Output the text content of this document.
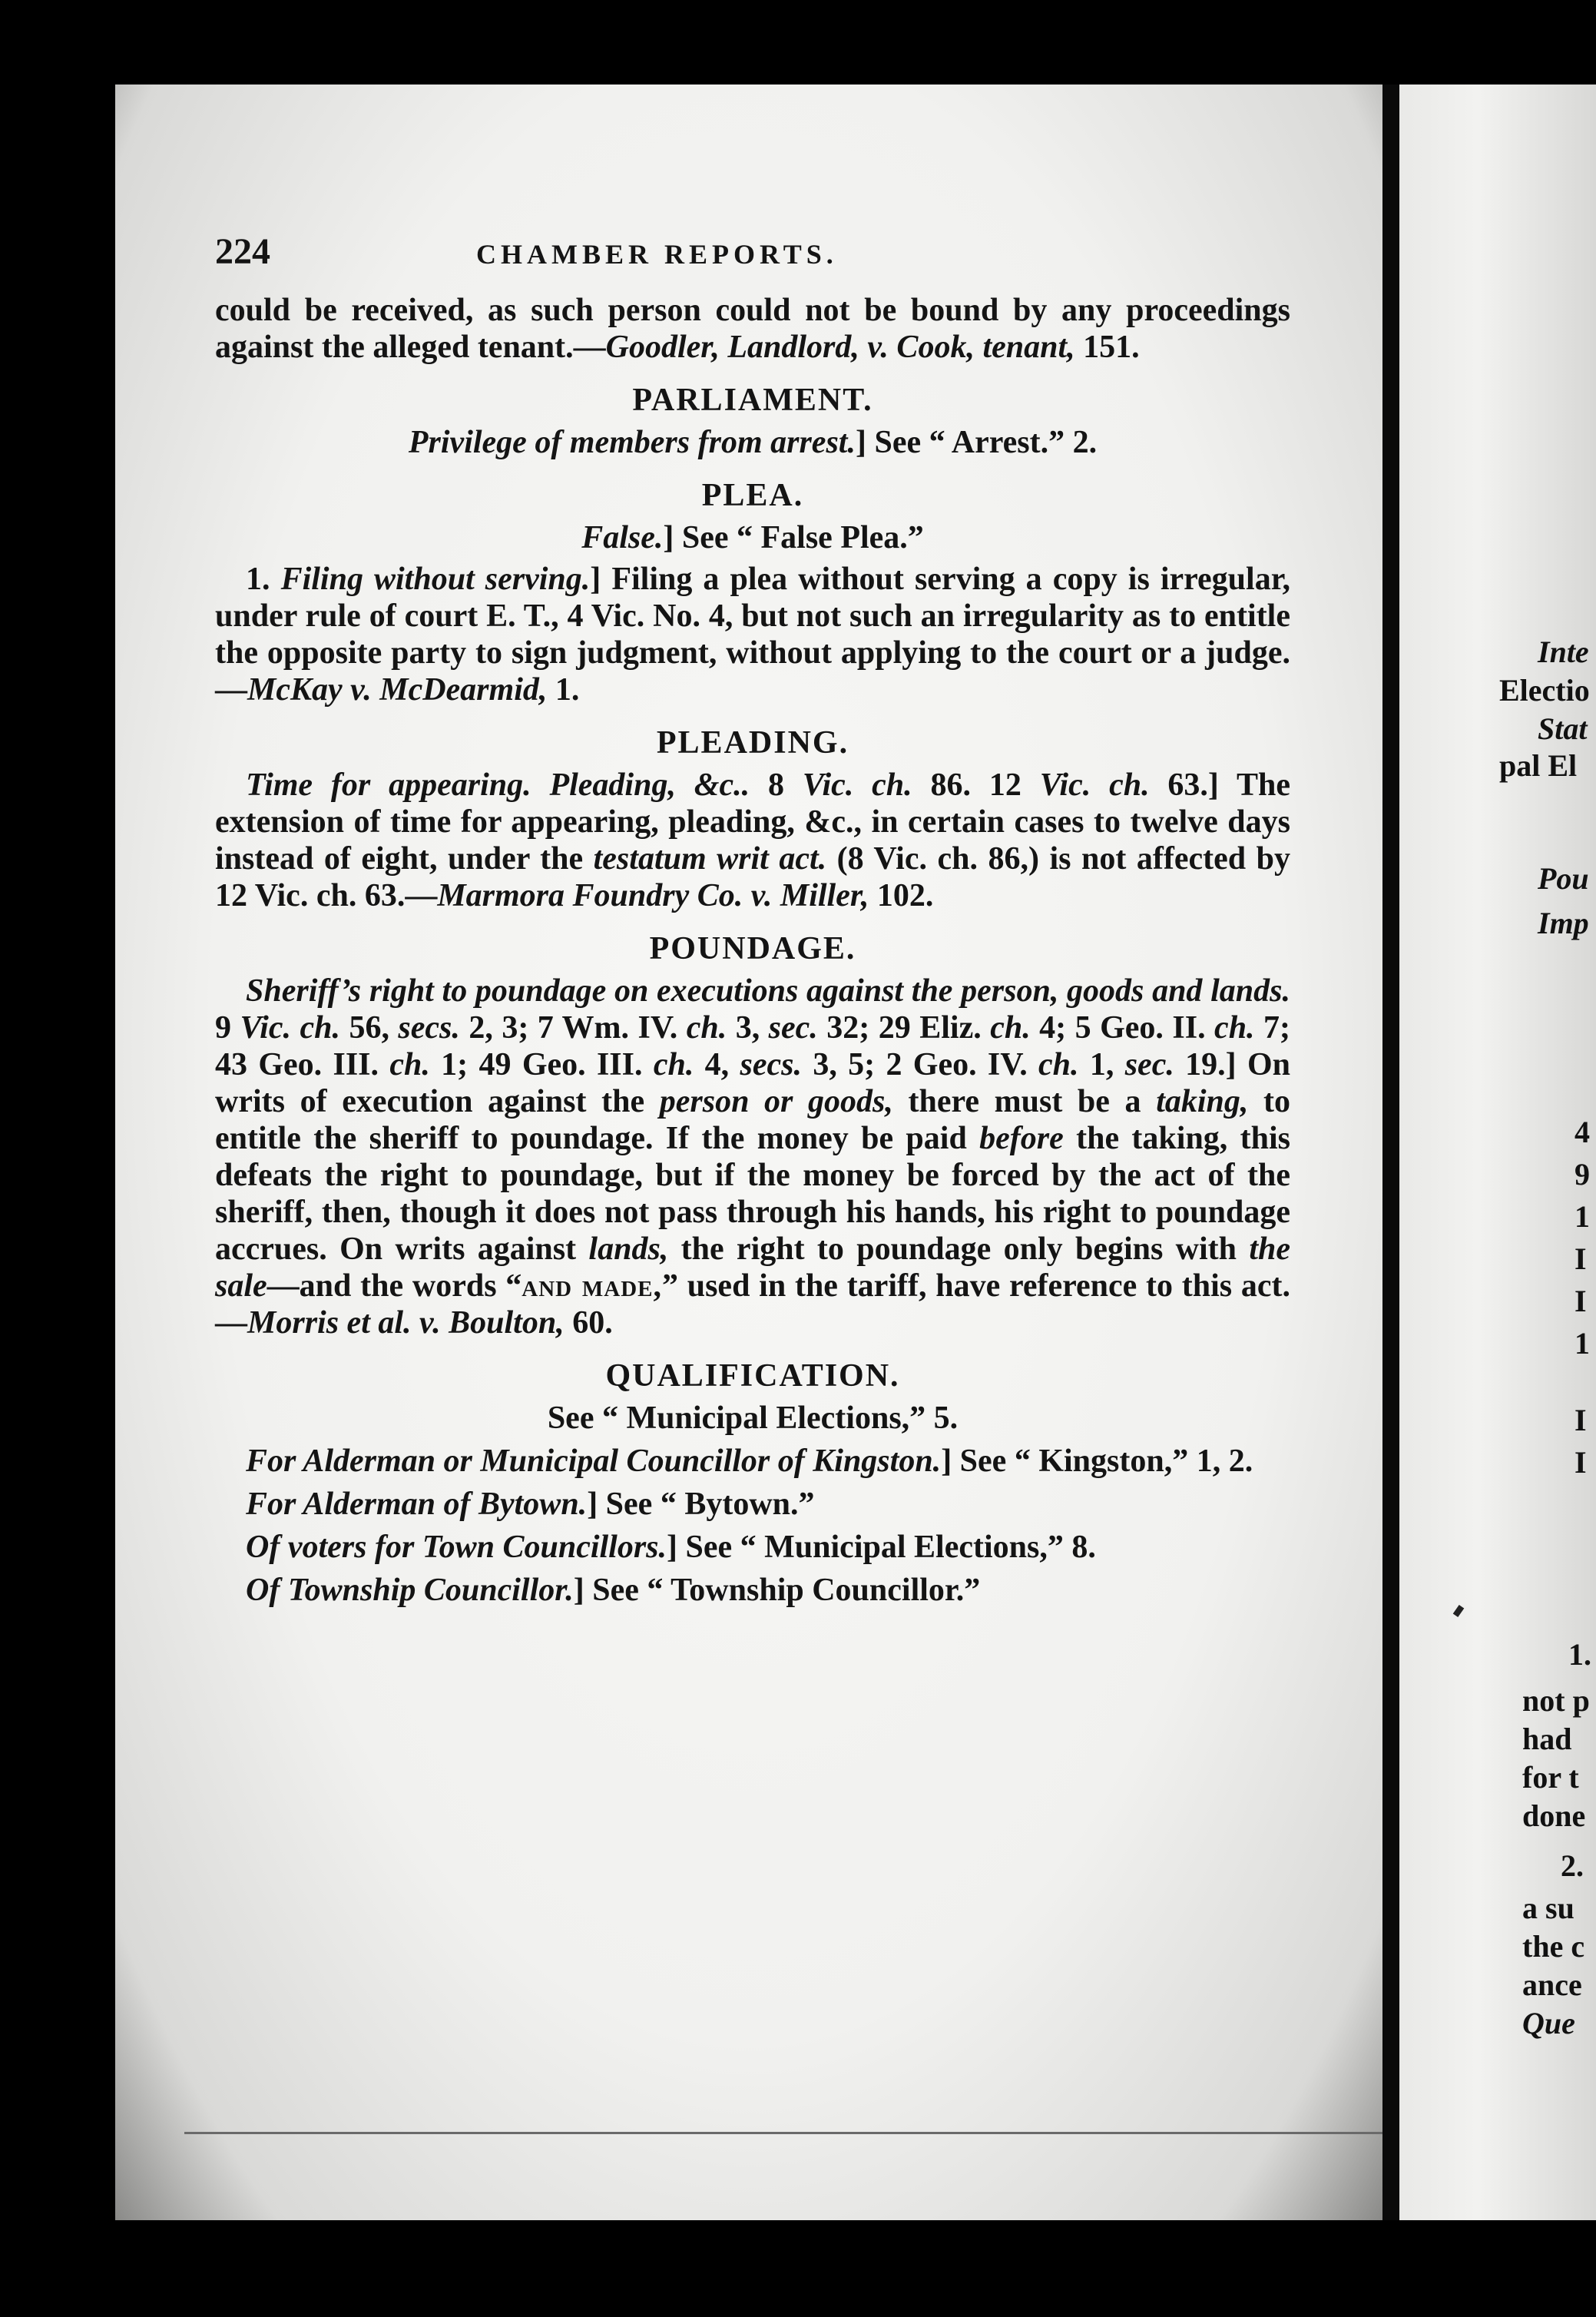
Inte
Electio
Stat
pal El
Pou
Imp
4
9
1
I
I
1
I
I
1.
not p
had
for t
done
2.
a su
the c
ance
Que
224	CHAMBER REPORTS.

could be received, as such person could not be bound by any proceedings against the alleged tenant.—Goodler, Landlord, v. Cook, tenant, 151.

PARLIAMENT.
Privilege of members from arrest.] See “ Arrest.” 2.
PLEA.
False.] See “ False Plea.”

1. Filing without serving.] Filing a plea without serving a copy is irregular, under rule of court E. T., 4 Vic. No. 4, but not such an irregularity as to entitle the opposite party to sign judgment, without applying to the court or a judge. —McKay v. McDearmid, 1.

PLEADING.

Time for appearing. Pleading, &c.. 8 Vic. ch. 86. 12 Vic. ch. 63.] The extension of time for appearing, pleading, &c., in certain cases to twelve days instead of eight, under the testatum writ act. (8 Vic. ch. 86,) is not affected by 12 Vic. ch. 63.—Marmora Foundry Co. v. Miller, 102.

POUNDAGE.

Sheriff’s right to poundage on executions against the person, goods and lands. 9 Vic. ch. 56, secs. 2, 3; 7 Wm. IV. ch. 3, sec. 32; 29 Eliz. ch. 4; 5 Geo. II. ch. 7; 43 Geo. III. ch. 1; 49 Geo. III. ch. 4, secs. 3, 5; 2 Geo. IV. ch. 1, sec. 19.] On writs of execution against the person or goods, there must be a taking, to entitle the sheriff to poundage. If the money be paid before the taking, this defeats the right to poundage, but if the money be forced by the act of the sheriff, then, though it does not pass through his hands, his right to poundage accrues. On writs against lands, the right to poundage only begins with the sale—and the words “and made,” used in the tariff, have reference to this act. —Morris et al. v. Boulton, 60.

QUALIFICATION.
See “ Municipal Elections,” 5.

For Alderman or Municipal Councillor of Kingston.] See “ Kingston,” 1, 2.

For Alderman of Bytown.] See “ Bytown.”

Of voters for Town Councillors.] See “ Municipal Elections,” 8.

Of Township Councillor.] See “ Township Councillor.”
